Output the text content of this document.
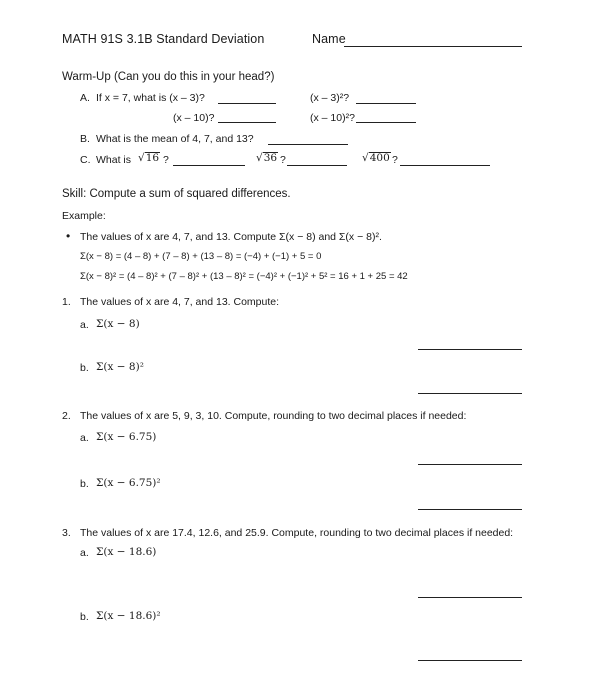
MATH 91S 3.1B Standard Deviation	Name
Warm-Up (Can you do this in your head?)
A. If x = 7, what is (x – 3)?	(x – 3)²?
(x – 10)?	(x – 10)²?
B. What is the mean of 4, 7, and 13?
C. What is √16 ?	√36 ?	√400 ?
Skill: Compute a sum of squared differences.
Example:
• The values of x are 4, 7, and 13. Compute Σ(x − 8) and Σ(x − 8)².
Σ(x − 8) = (4 – 8) + (7 – 8) + (13 – 8) = (−4) + (−1) + 5 = 0
Σ(x − 8)² = (4 – 8)² + (7 – 8)² + (13 – 8)² = (−4)² + (−1)² + 5² = 16 + 1 + 25 = 42
1. The values of x are 4, 7, and 13. Compute:
a. Σ(x − 8)
b. Σ(x − 8)²
2. The values of x are 5, 9, 3, 10. Compute, rounding to two decimal places if needed:
a. Σ(x − 6.75)
b. Σ(x − 6.75)²
3. The values of x are 17.4, 12.6, and 25.9. Compute, rounding to two decimal places if needed:
a. Σ(x − 18.6)
b. Σ(x − 18.6)²
